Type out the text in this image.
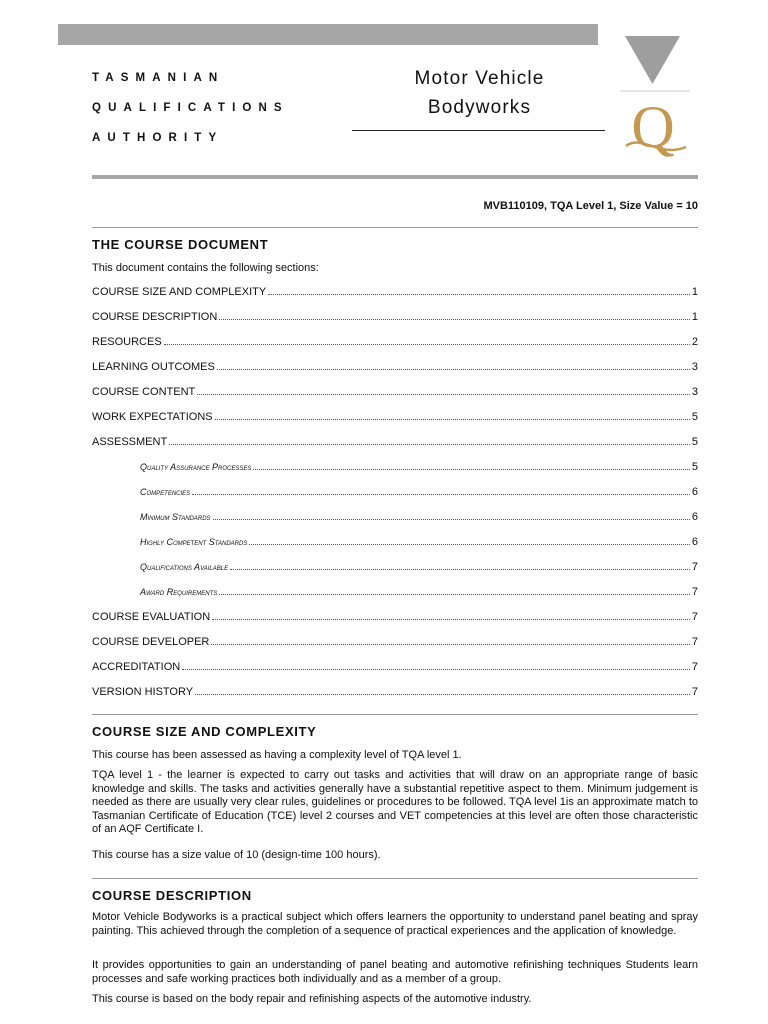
TASMANIAN
QUALIFICATIONS
AUTHORITY
Motor Vehicle
Bodyworks	Q
MVB110109, TQA Level 1, Size Value = 10
THE COURSE DOCUMENT

This document contains the following sections:

COURSE SIZE AND COMPLEXITY	1
COURSE DESCRIPTION	1
RESOURCES	2
LEARNING OUTCOMES	3
COURSE CONTENT	3
WORK EXPECTATIONS	5
ASSESSMENT	5
Quality Assurance Processes	5
Competencies	6
Minimum Standards	6
Highly Competent Standards	6
Qualifications Available	7
Award Requirements	7
COURSE EVALUATION	7
COURSE DEVELOPER	7
ACCREDITATION	7
VERSION HISTORY	7
COURSE SIZE AND COMPLEXITY

This course has been assessed as having a complexity level of TQA level 1.

TQA level 1 - the learner is expected to carry out tasks and activities that will draw on an appropriate range of basic knowledge and skills. The tasks and activities generally have a substantial repetitive aspect to them. Minimum judgement is needed as there are usually very clear rules, guidelines or procedures to be followed. TQA level 1is an approximate match to Tasmanian Certificate of Education (TCE) level 2 courses and VET competencies at this level are often those characteristic of an AQF Certificate I.

This course has a size value of 10 (design-time 100 hours).

COURSE DESCRIPTION

Motor Vehicle Bodyworks is a practical subject which offers learners the opportunity to understand panel beating and spray painting. This achieved through the completion of a sequence of practical experiences and the application of knowledge.

It provides opportunities to gain an understanding of panel beating and automotive refinishing techniques Students learn processes and safe working practices both individually and as a member of a group.

This course is based on the body repair and refinishing aspects of the automotive industry.
